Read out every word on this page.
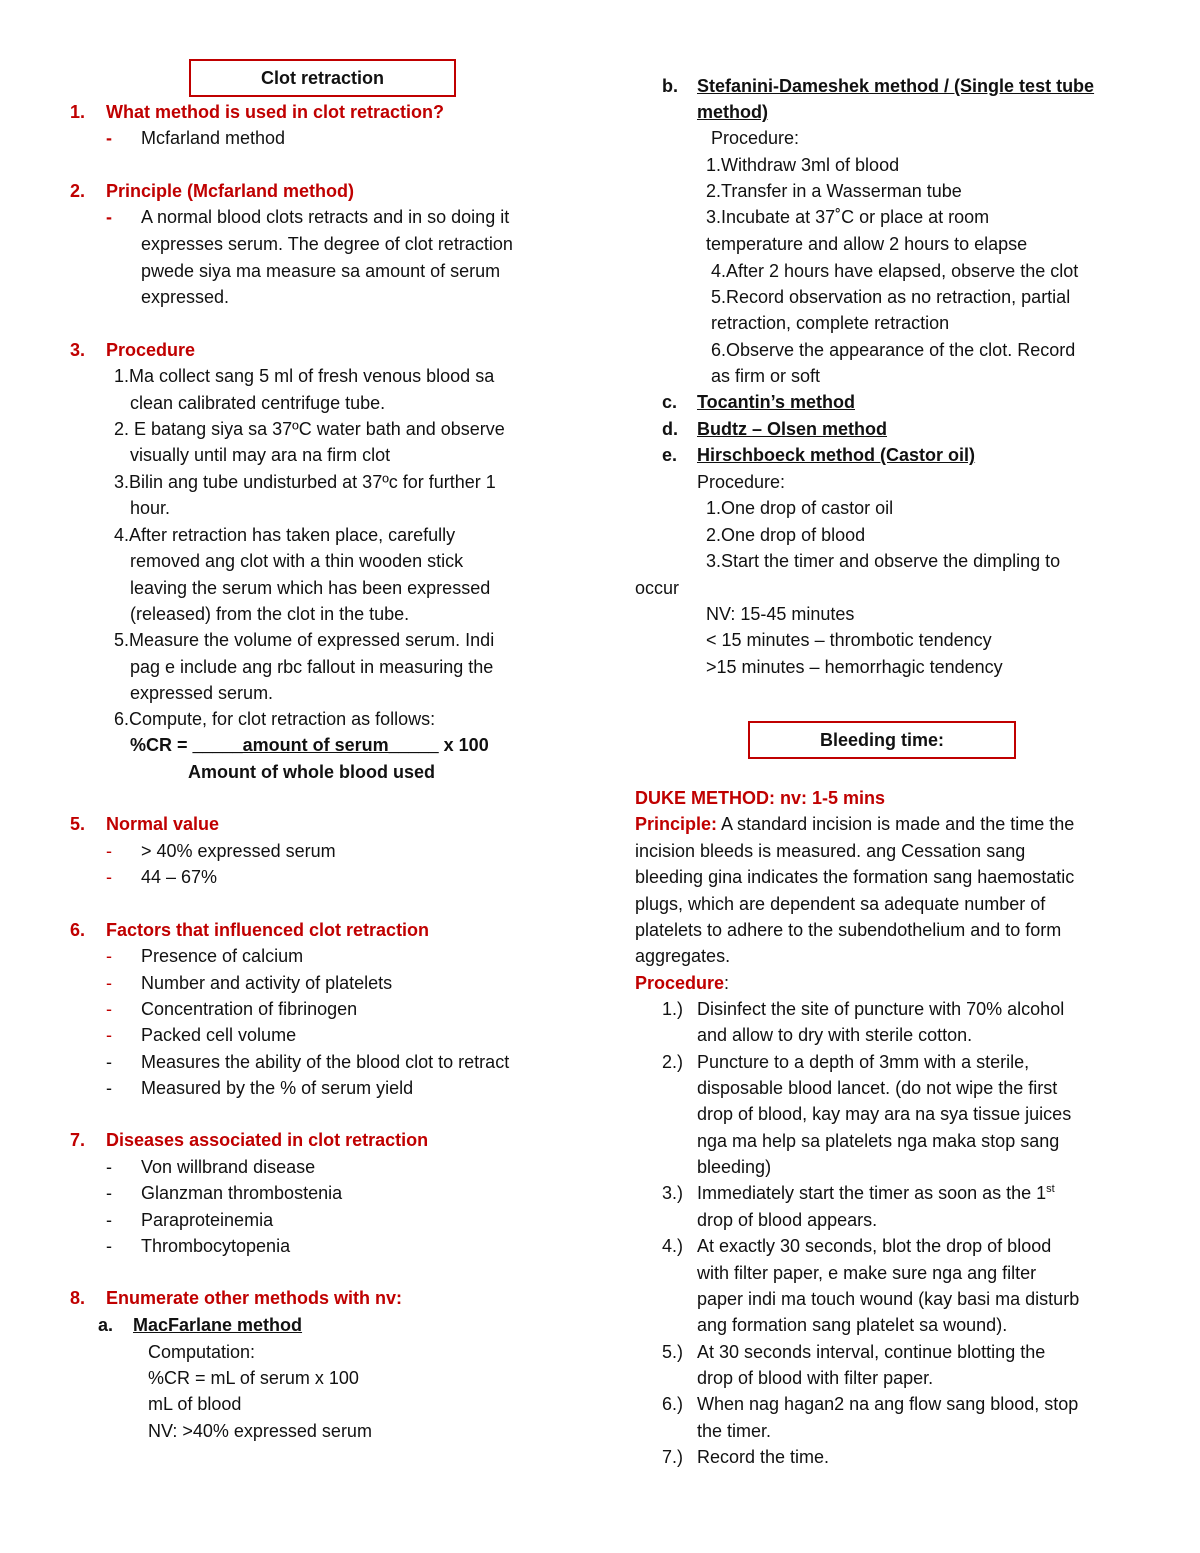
Clot retraction
1. What method is used in clot retraction?
- Mcfarland method
2. Principle (Mcfarland method)
- A normal blood clots retracts and in so doing it
expresses serum. The degree of clot retraction
pwede siya ma measure sa amount of serum
expressed.
3. Procedure
1.Ma collect sang 5 ml of fresh venous blood sa
clean calibrated centrifuge tube.
2. E batang siya sa 37ºC water bath and observe
visually until may ara na firm clot
3.Bilin ang tube undisturbed at 37ºc for further 1
hour.
4.After retraction has taken place, carefully
removed ang clot with a thin wooden stick
leaving the serum which has been expressed
(released) from the clot in the tube.
5.Measure the volume of expressed serum. Indi
pag e include ang rbc fallout in measuring the
expressed serum.
6.Compute, for clot retraction as follows:
%CR = _____amount of serum_____ x 100
Amount of whole blood used
5. Normal value
- > 40% expressed serum
- 44 – 67%
6. Factors that influenced clot retraction
- Presence of calcium
- Number and activity of platelets
- Concentration of fibrinogen
- Packed cell volume
- Measures the ability of the blood clot to retract
- Measured by the % of serum yield
7. Diseases associated in clot retraction
- Von willbrand disease
- Glanzman thrombostenia
- Paraproteinemia
- Thrombocytopenia
8. Enumerate other methods with nv:
a. MacFarlane method
Computation:
%CR = mL of serum x 100
mL of blood
NV: >40% expressed serum
b. Stefanini-Dameshek method / (Single test tube
method)
Procedure:
1.Withdraw 3ml of blood
2.Transfer in a Wasserman tube
3.Incubate at 37˚C or place at room
temperature and allow 2 hours to elapse
4.After 2 hours have elapsed, observe the clot
5.Record observation as no retraction, partial
retraction, complete retraction
6.Observe the appearance of the clot. Record
as firm or soft
c. Tocantin’s method
d. Budtz – Olsen method
e. Hirschboeck method (Castor oil)
Procedure:
1.One drop of castor oil
2.One drop of blood
3.Start the timer and observe the dimpling to
occur
NV: 15-45 minutes
< 15 minutes – thrombotic tendency
>15 minutes – hemorrhagic tendency
Bleeding time:
DUKE METHOD: nv: 1-5 mins
Principle: A standard incision is made and the time the
incision bleeds is measured. ang Cessation sang
bleeding gina indicates the formation sang haemostatic
plugs, which are dependent sa adequate number of
platelets to adhere to the subendothelium and to form
aggregates.
Procedure:
1.) Disinfect the site of puncture with 70% alcohol
and allow to dry with sterile cotton.
2.) Puncture to a depth of 3mm with a sterile,
disposable blood lancet. (do not wipe the first
drop of blood, kay may ara na sya tissue juices
nga ma help sa platelets nga maka stop sang
bleeding)
3.) Immediately start the timer as soon as the 1st
drop of blood appears.
4.) At exactly 30 seconds, blot the drop of blood
with filter paper, e make sure nga ang filter
paper indi ma touch wound (kay basi ma disturb
ang formation sang platelet sa wound).
5.) At 30 seconds interval, continue blotting the
drop of blood with filter paper.
6.) When nag hagan2 na ang flow sang blood, stop
the timer.
7.) Record the time.
